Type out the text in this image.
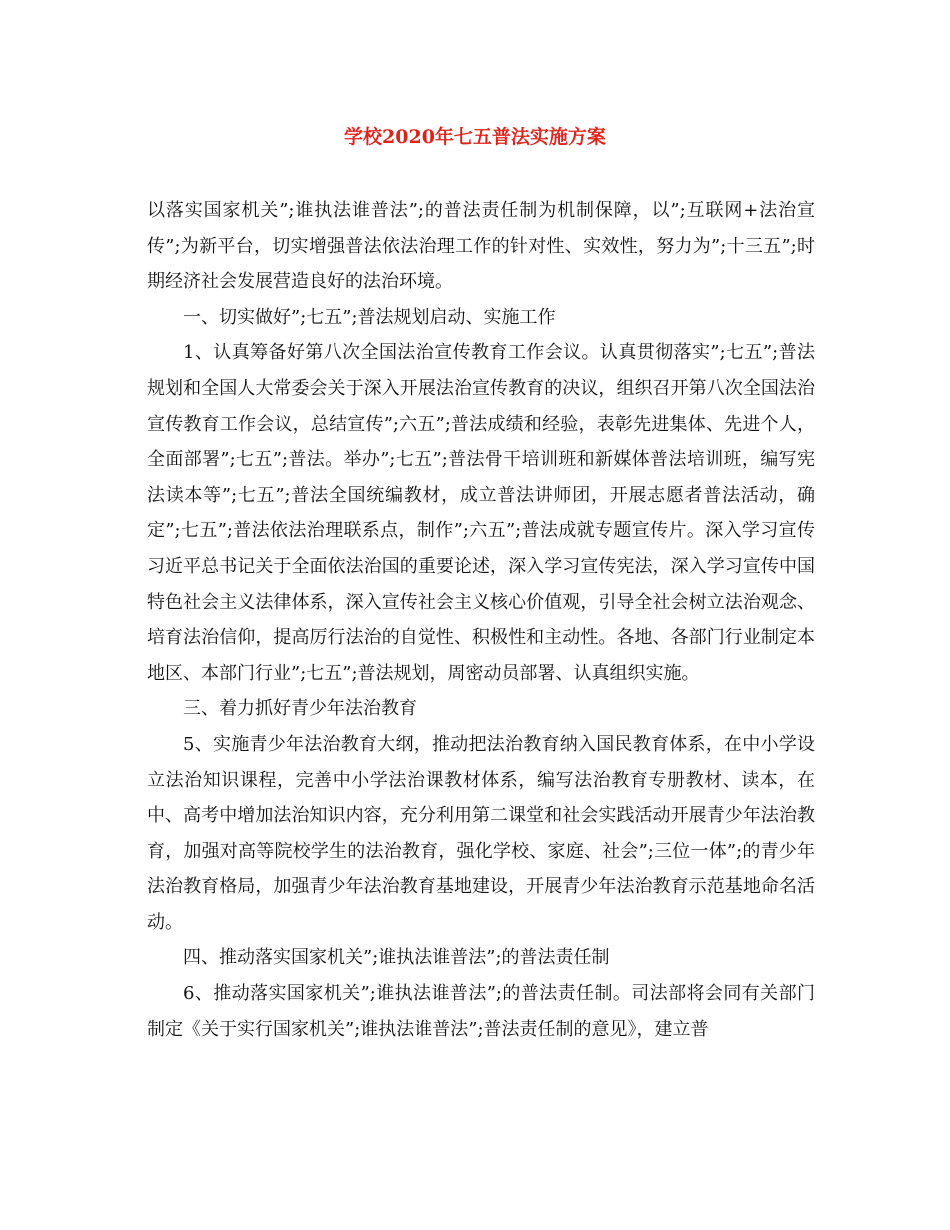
学校2020年七五普法实施方案

以落实国家机关”;谁执法谁普法”;的普法责任制为机制保障，以”;互联网+法治宣传”;为新平台，切实增强普法依法治理工作的针对性、实效性，努力为”;十三五”;时期经济社会发展营造良好的法治环境。

一、切实做好”;七五”;普法规划启动、实施工作

1、认真筹备好第八次全国法治宣传教育工作会议。认真贯彻落实”;七五”;普法规划和全国人大常委会关于深入开展法治宣传教育的决议，组织召开第八次全国法治宣传教育工作会议，总结宣传”;六五”;普法成绩和经验，表彰先进集体、先进个人，全面部署”;七五”;普法。举办”;七五”;普法骨干培训班和新媒体普法培训班，编写宪法读本等”;七五”;普法全国统编教材，成立普法讲师团，开展志愿者普法活动，确定”;七五”;普法依法治理联系点，制作”;六五”;普法成就专题宣传片。深入学习宣传习近平总书记关于全面依法治国的重要论述，深入学习宣传宪法，深入学习宣传中国特色社会主义法律体系，深入宣传社会主义核心价值观，引导全社会树立法治观念、培育法治信仰，提高厉行法治的自觉性、积极性和主动性。各地、各部门行业制定本地区、本部门行业”;七五”;普法规划，周密动员部署、认真组织实施。

三、着力抓好青少年法治教育

5、实施青少年法治教育大纲，推动把法治教育纳入国民教育体系，在中小学设立法治知识课程，完善中小学法治课教材体系，编写法治教育专册教材、读本，在中、高考中增加法治知识内容，充分利用第二课堂和社会实践活动开展青少年法治教育，加强对高等院校学生的法治教育，强化学校、家庭、社会”;三位一体”;的青少年法治教育格局，加强青少年法治教育基地建设，开展青少年法治教育示范基地命名活动。

四、推动落实国家机关”;谁执法谁普法”;的普法责任制

6、推动落实国家机关”;谁执法谁普法”;的普法责任制。司法部将会同有关部门制定《关于实行国家机关”;谁执法谁普法”;普法责任制的意见》，建立普
